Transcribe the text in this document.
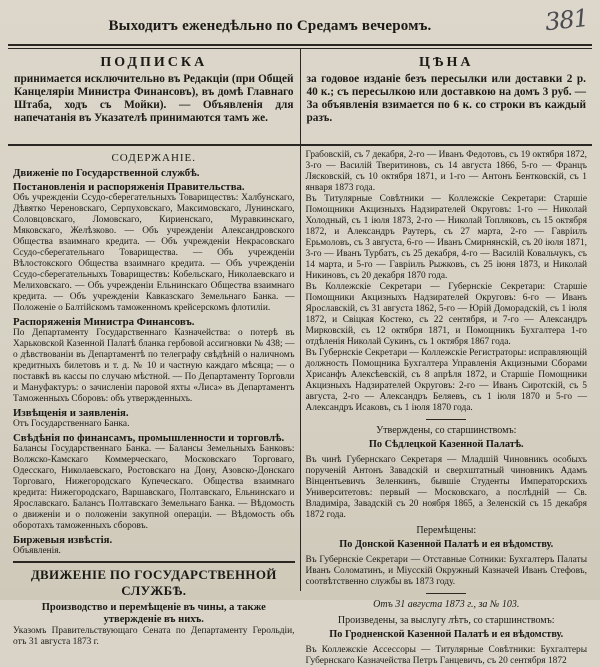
Выходитъ еженедѣльно по Средамъ вечеромъ.	381
ПОДПИСКА
принимается исключительно въ Редакціи (при Общей Канцеляріи Министра Финансовъ), въ домѣ Главнаго Штаба, ходъ съ Мойки). — Объявленія для напечатанія въ Указателѣ принимаются тамъ же.
ЦѢНА
за годовое изданіе безъ пересылки или доставки 2 р. 40 к.; съ пересылкою или доставкою на домъ 3 руб. — За объявленія взимается по 6 к. со строки въ каждый разъ.
СОДЕРЖАНІЕ.
Движеніе по Государственной службѣ.
Постановленія и распоряженія Правительства.
Объ учрежденіи Ссудо-сберегательныхъ Товариществъ: Халбунскаго, Дѣвятко Череновскаго, Серпуховскаго, Максимовскаго, Лунинскаго, Соловцовскаго, Ломовскаго, Кириенскаго, Муравкинскаго, Мяковскаго, Желѣзково. — Объ учрежденіи Александровского Общества взаимнаго кредита. — Объ учрежденіи Некрасовскаго Ссудо-сберегательнаго Товарищества. — Объ учрежденіи Вѣлостокского Общества взаимнаго кредита. — Объ учрежденіи Ссудо-сберегательныхъ Товариществъ: Кобельскаго, Николаевскаго и Мелиховскаго. — Объ учрежденіи Ельнинскаго Общества взаимнаго кредита. — Объ учрежденіи Кавказскаго Земельнаго Банка. — Положеніе о Балтійскомъ таможенномъ крейсерскомъ флотиліи.
Распоряженія Министра Финансовъ.
По Департаменту Государственнаго Казначейства: о потерѣ въ Харьковской Казенной Палатѣ бланка гербовой ассигновки № 438; — о дѣвствованіи въ Департаментѣ по телеграфу свѣдѣній о наличномъ кредитныхъ билетовъ и т. д. № 10 и частную каждаго мѣсяца; — о поставкѣ въ кассы по случаю мѣстной. — По Департаменту Торговли и Мануфактуръ: о зачисленіи паровой яхты «Лиса» въ Департаментъ Таможенныхъ Сборовъ: объ утвержденныхъ.
Извѣщенія и заявленія.
Отъ Государственнаго Банка.
Свѣдѣнія по финансамъ, промышленности и торговлѣ.
Балансы Государственнаго Банка. — Балансы Земельныхъ Банковъ: Волжско-Камскаго Коммерческаго, Московскаго Торговаго, Одесскаго, Николаевскаго, Ростовскаго на Дону, Азовско-Донскаго Торговаго, Нижегородскаго Купеческаго. Общества взаимнаго кредита: Нижегородскаго, Варшавскаго, Полтавскаго, Ельнинскаго и Ярославскаго. Балансъ Полтавскаго Земельнаго Банка. — Вѣдомость о движеніи и о положеніи закупной операціи. — Вѣдомость объ оборотахъ таможенныхъ сборовъ.
Биржевыя извѣстія.
Объявленія.
ДВИЖЕНІЕ ПО ГОСУДАРСТВЕННОЙ СЛУЖБѢ.
Производство и перемѣщеніе въ чины, а также утвержденіе въ нихъ.
Указомъ Правительствующаго Сената по Департаменту Герольдіи, отъ 31 августа 1873 г.
Грабовскій, съ 7 декабря, 2-го — Иванъ Федотовъ, съ 19 октября 1872, 3-го — Василій Тверитиновъ, съ 14 августа 1866, 5-го — Францъ Лясковскій, съ 10 октября 1871, и 1-го — Антонъ Бентковскій, съ 1 января 1873 года.
Въ Титулярные Совѣтники — Коллежскіе Секретари: Старшіе Помощники Акцизныхъ Надзирателей Округовъ: 1-го — Николай Холодный, съ 1 іюля 1873, 2-го — Николай Топляковъ, съ 15 октября 1872, и Александръ Раутеръ, съ 27 марта, 2-го — Гавріилъ Ерьмоловъ, съ 3 августа, 6-го — Иванъ Смирнянскій, съ 20 іюля 1871, 3-го — Иванъ Турбатъ, съ 25 декабря, 4-го — Василій Ковальчукъ, съ 14 марта, и 5-го — Гавріилъ Рыжковъ, съ 25 іюня 1873, и Николай Никиновъ, съ 20 декабря 1870 года.
Въ Коллежскіе Секретари — Губернскіе Секретари: Старшіе Помощники Акцизныхъ Надзирателей Округовъ: 6-го — Иванъ Ярославскій, съ 31 августа 1862, 5-го — Юрій Доморадскій, съ 1 іюля 1872, и Свіцкая Костеко, съ 22 сентября, и 7-го — Александръ Мирковскій, съ 12 октября 1871, и Помощникъ Бухгалтера 1-го отдѣленія Николай Сукинъ, съ 1 октября 1867 года.
Въ Губернскіе Секретари — Коллежскіе Регистраторы: исправляющій должность Помощника Бухгалтера Управленія Акцизными Сборами Хрисанфъ Алексѣевскій, съ 8 апрѣля 1872, и Старшіе Помощники Акцизныхъ Надзирателей Округовъ: 2-го — Иванъ Сиротскій, съ 5 августа, 2-го — Александръ Беляевъ, съ 1 іюля 1870 и 5-го — Александръ Исаковъ, съ 1 іюля 1870 года.
Утверждены, со старшинствомъ:
По Сѣдлецкой Казенной Палатѣ.
Въ чинѣ Губернскаго Секретаря — Младшій Чиновникъ особыхъ порученій Антонъ Завадскій и сверхштатный чиновникъ Адамъ Вінцентьевичъ Зеленкинъ, бывшіе Студенты Императорскихъ Университетовъ: первый — Московскаго, а послѣдній — Св. Владиміра, Завадскій съ 20 ноября 1865, а Зеленскій съ 15 декабря 1872 года.
Перемѣщены:
По Донской Казенной Палатѣ и ея вѣдомству.
Въ Губернскіе Секретари — Отставные Сотники: Бухгалтеръ Палаты Иванъ Соломатинъ, и Міусскій Окружный Казначей Иванъ Стефовъ, соотвѣтственно службы въ 1873 году.
Отъ 31 августа 1873 г., за № 103.
Произведены, за выслугу лѣтъ, со старшинствомъ:
По Гродненской Казенной Палатѣ и ея вѣдомству.
Въ Коллежскіе Ассессоры — Титулярные Совѣтники: Бухгалтеры Губернскаго Казначейства Петръ Ганцевичъ, съ 20 сентября 1872
